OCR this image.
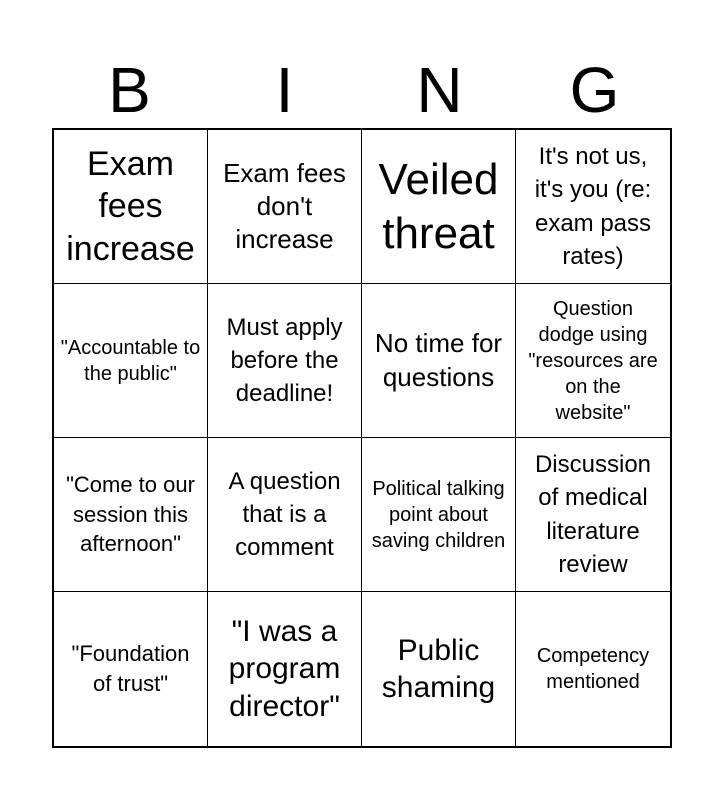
B	I	N	G
Exam fees increase
Exam fees don't increase
Veiled threat
It's not us, it's you (re: exam pass rates)
"Accountable to the public"
Must apply before the deadline!
No time for questions
Question dodge using "resources are on the website"
"Come to our session this afternoon"
A question that is a comment
Political talking point about saving children
Discussion of medical literature review
"Foundation of trust"
"I was a program director"
Public shaming
Competency mentioned
